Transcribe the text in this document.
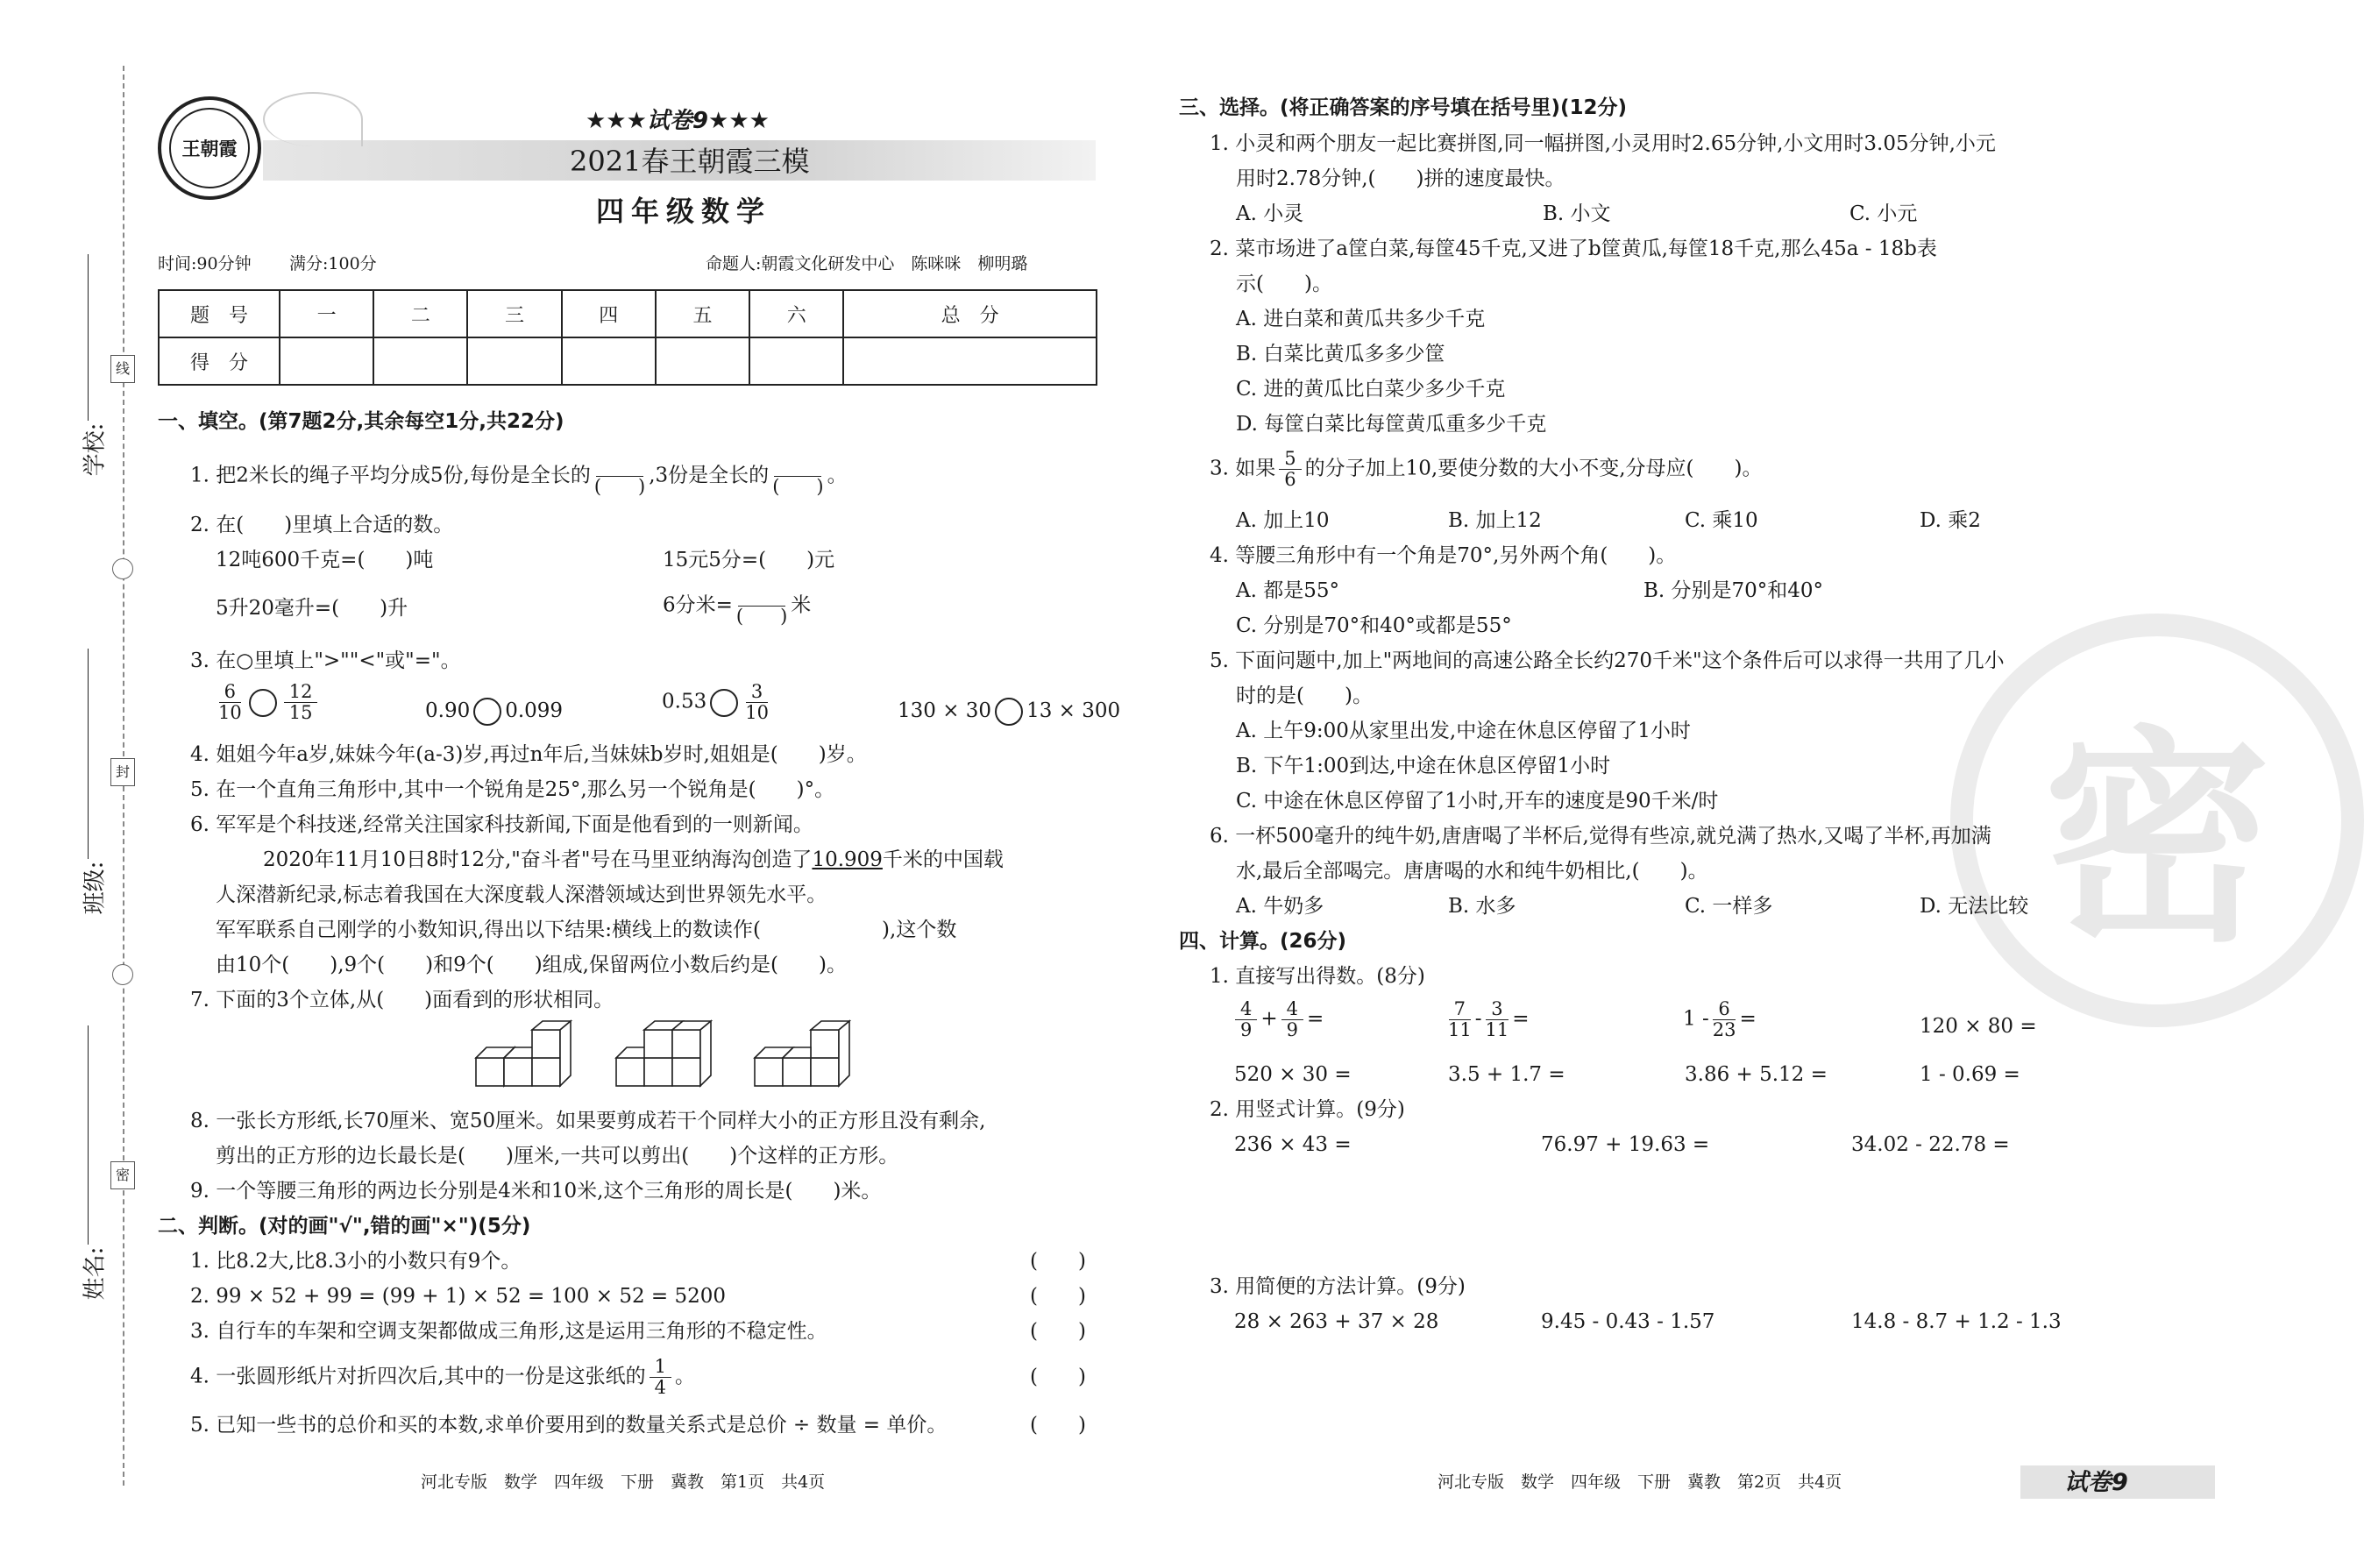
学校:
班级:
姓名:
线
封
密
王朝霞
★★★试卷9★★★
2021春王朝霞三模
四年级数学
时间:90分钟 满分:100分	命题人:朝霞文化研发中心　陈咪咪　柳明璐
题　号	一	二	三	四	五	六	总　分
得　分							
一、填空。(第7题2分,其余每空1分,共22分)
1. 把2米长的绳子平均分成5份,每份是全长的
　　 (　　) ,3份是全长的
　　 (　　) 。
2. 在(　　)里填上合适的数。
12吨600千克=(　　)吨	15元5分=(　　)元
5升20毫升=(　　)升	6分米=
　　 (　　) 米
3. 在○里填上">""<"或"="。
$\frac{6}{10} \frac{12}{15}$	0.90 0.099	$0.53 \frac{3}{10}$	130 × 30 13 × 300
4. 姐姐今年a岁,妹妹今年(a-3)岁,再过n年后,当妹妹b岁时,姐姐是(　　)岁。
5. 在一个直角三角形中,其中一个锐角是25°,那么另一个锐角是(　　)°。
6. 军军是个科技迷,经常关注国家科技新闻,下面是他看到的一则新闻。
2020年11月10日8时12分,"奋斗者"号在马里亚纳海沟创造了10.909千米的中国载
人深潜新纪录,标志着我国在大深度载人深潜领域达到世界领先水平。
军军联系自己刚学的小数知识,得出以下结果:横线上的数读作(　　　　　　),这个数
由10个(　　),9个(　　)和9个(　　)组成,保留两位小数后约是(　　)。
7. 下面的3个立体,从(　　)面看到的形状相同。
8. 一张长方形纸,长70厘米、宽50厘米。如果要剪成若干个同样大小的正方形且没有剩余,
剪出的正方形的边长最长是(　　)厘米,一共可以剪出(　　)个这样的正方形。
9. 一个等腰三角形的两边长分别是4米和10米,这个三角形的周长是(　　)米。
二、判断。(对的画"√",错的画"×")(5分)
1. 比8.2大,比8.3小的小数只有9个。	(　　)
2. 99 × 52 + 99 = (99 + 1) × 52 = 100 × 52 = 5200	(　　)
3. 自行车的车架和空调支架都做成三角形,这是运用三角形的不稳定性。	(　　)
4. 一张圆形纸片对折四次后,其中的一份是这张纸的 $\frac{1}{4}$ 。	(　　)
5. 已知一些书的总价和买的本数,求单价要用到的数量关系式是总价 ÷ 数量 = 单价。	(　　)
河北专版　数学　四年级　下册　冀教　第1页　共4页	河北专版　数学　四年级　下册　冀教　第2页　共4页	试卷9
密
三、选择。(将正确答案的序号填在括号里)(12分)
1. 小灵和两个朋友一起比赛拼图,同一幅拼图,小灵用时2.65分钟,小文用时3.05分钟,小元
用时2.78分钟,(　　)拼的速度最快。
A. 小灵	B. 小文	C. 小元
2. 菜市场进了a筐白菜,每筐45千克,又进了b筐黄瓜,每筐18千克,那么45a - 18b表
示(　　)。
A. 进白菜和黄瓜共多少千克
B. 白菜比黄瓜多多少筐
C. 进的黄瓜比白菜少多少千克
D. 每筐白菜比每筐黄瓜重多少千克
3. 如果 $\frac{5}{6}$ 的分子加上10,要使分数的大小不变,分母应(　　)。
A. 加上10	B. 加上12	C. 乘10	D. 乘2
4. 等腰三角形中有一个角是70°,另外两个角(　　)。
A. 都是55°	B. 分别是70°和40°
C. 分别是70°和40°或都是55°
5. 下面问题中,加上"两地间的高速公路全长约270千米"这个条件后可以求得一共用了几小
时的是(　　)。
A. 上午9:00从家里出发,中途在休息区停留了1小时
B. 下午1:00到达,中途在休息区停留1小时
C. 中途在休息区停留了1小时,开车的速度是90千米/时
6. 一杯500毫升的纯牛奶,唐唐喝了半杯后,觉得有些凉,就兑满了热水,又喝了半杯,再加满
水,最后全部喝完。唐唐喝的水和纯牛奶相比,(　　)。
A. 牛奶多	B. 水多	C. 一样多	D. 无法比较
四、计算。(26分)
1. 直接写出得数。(8分)
$\frac{4}{9} + \frac{4}{9}$ =	$\frac{7}{11} - \frac{3}{11}$ =	$1 - \frac{6}{23}$ =	120 × 80 =
520 × 30 =	3.5 + 1.7 =	3.86 + 5.12 =	1 - 0.69 =
2. 用竖式计算。(9分)
236 × 43 =	76.97 + 19.63 =	34.02 - 22.78 =
3. 用简便的方法计算。(9分)
28 × 263 + 37 × 28	9.45 - 0.43 - 1.57	14.8 - 8.7 + 1.2 - 1.3
